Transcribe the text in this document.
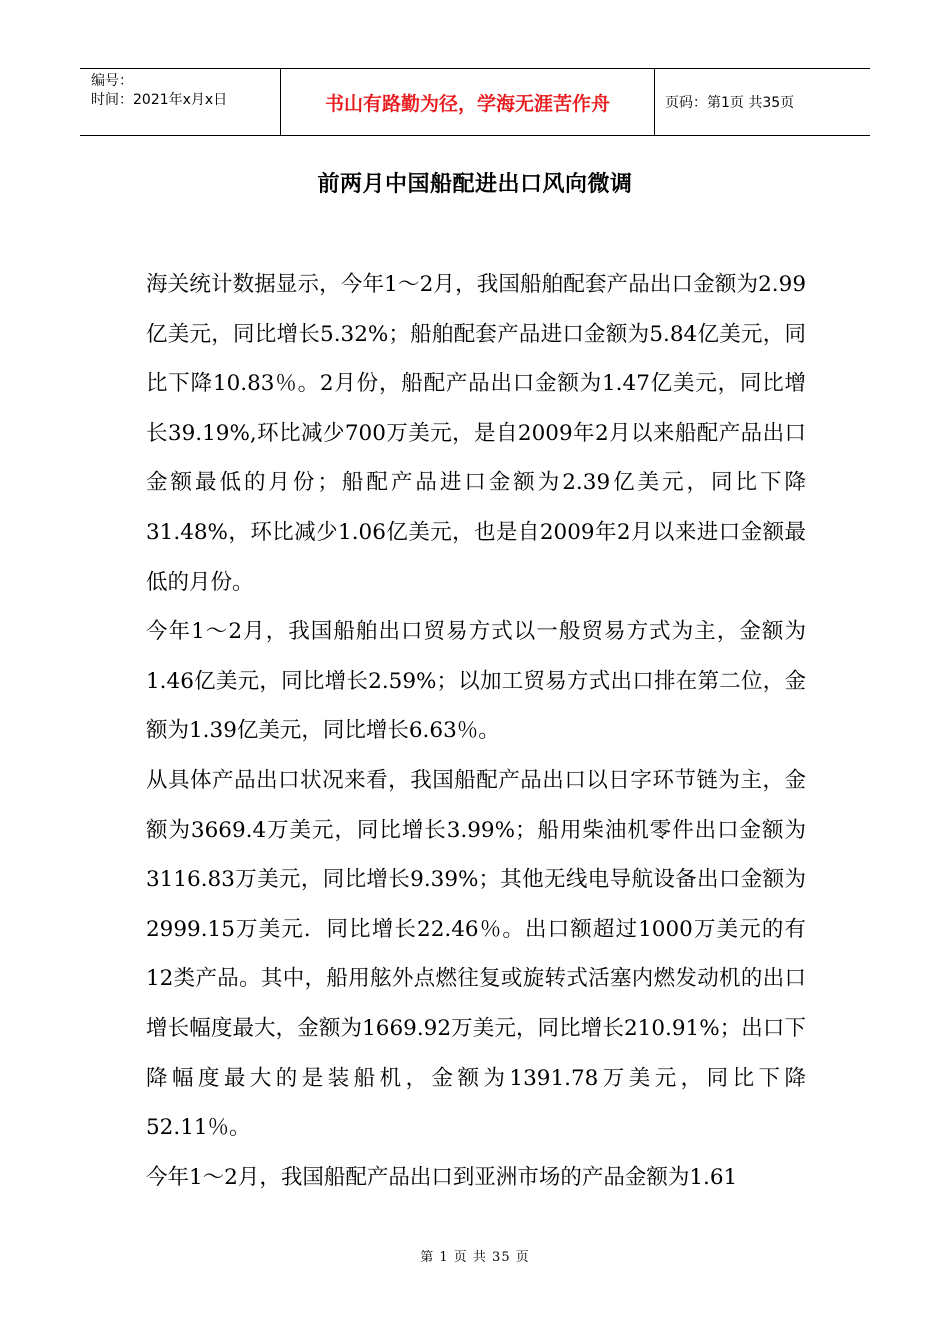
编号：
时间：2021年x月x日	书山有路勤为径，学海无涯苦作舟	页码：第1页 共35页
前两月中国船配进出口风向微调

海关统计数据显示，今年1～2月，我国船舶配套产品出口金额为2.99亿美元，同比增长5.32%；船舶配套产品进口金额为5.84亿美元，同比下降10.83％。2月份，船配产品出口金额为1.47亿美元，同比增长39.19%,环比减少700万美元，是自2009年2月以来船配产品出口金额最低的月份；船配产品进口金额为2.39亿美元，同比下降31.48%，环比减少1.06亿美元，也是自2009年2月以来进口金额最低的月份。

今年1～2月，我国船舶出口贸易方式以一般贸易方式为主，金额为1.46亿美元，同比增长2.59%；以加工贸易方式出口排在第二位，金额为1.39亿美元，同比增长6.63％。

从具体产品出口状况来看，我国船配产品出口以日字环节链为主，金额为3669.4万美元，同比增长3.99%；船用柴油机零件出口金额为3116.83万美元，同比增长9.39%；其他无线电导航设备出口金额为2999.15万美元．同比增长22.46％。出口额超过1000万美元的有12类产品。其中，船用舷外点燃往复或旋转式活塞内燃发动机的出口增长幅度最大，金额为1669.92万美元，同比增长210.91%；出口下降幅度最大的是装船机，金额为1391.78万美元，同比下降52.11％。

今年1～2月，我国船配产品出口到亚洲市场的产品金额为1.61

第 1 页 共 35 页
